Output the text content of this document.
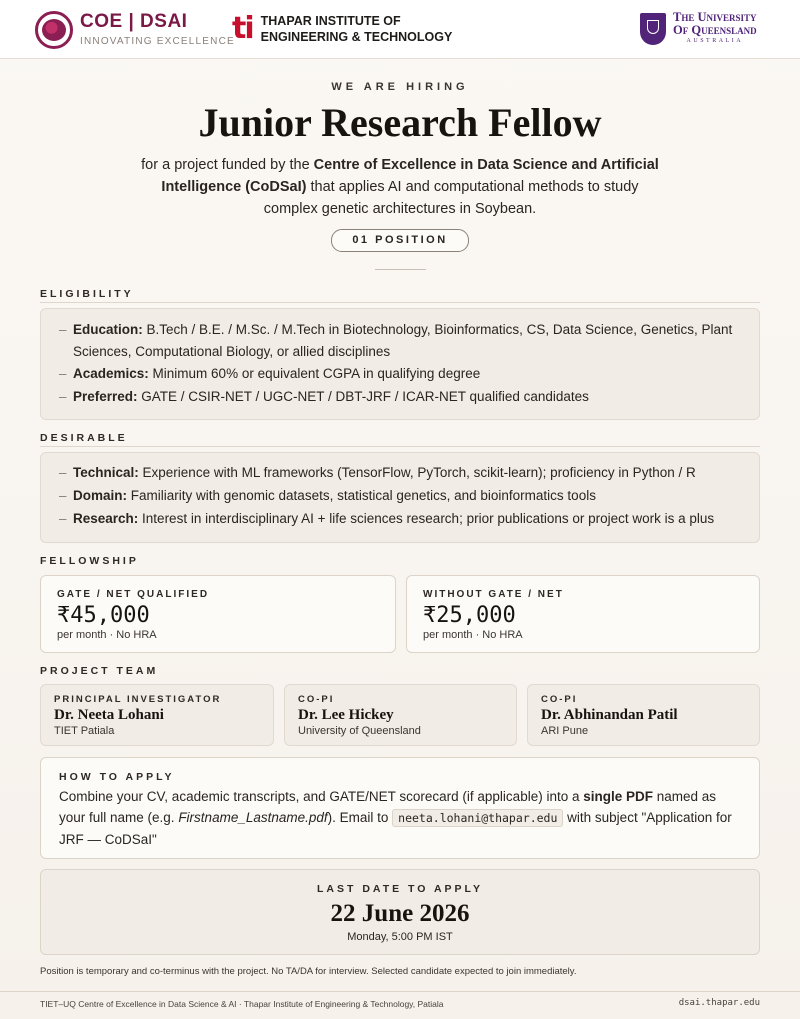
COE | DSAI
INNOVATING EXCELLENCE
ti THAPAR INSTITUTE OF
ENGINEERING & TECHNOLOGY
The University
Of Queensland
AUSTRALIA
WE ARE HIRING
Junior Research Fellow
for a project funded by the Centre of Excellence in Data Science and Artificial Intelligence (CoDSaI) that applies AI and computational methods to study complex genetic architectures in Soybean.
01 POSITION
ELIGIBILITY
– Education: B.Tech / B.E. / M.Sc. / M.Tech in Biotechnology, Bioinformatics, CS, Data Science, Genetics, Plant Sciences, Computational Biology, or allied disciplines
– Academics: Minimum 60% or equivalent CGPA in qualifying degree
– Preferred: GATE / CSIR-NET / UGC-NET / DBT-JRF / ICAR-NET qualified candidates
DESIRABLE
– Technical: Experience with ML frameworks (TensorFlow, PyTorch, scikit-learn); proficiency in Python / R
– Domain: Familiarity with genomic datasets, statistical genetics, and bioinformatics tools
– Research: Interest in interdisciplinary AI + life sciences research; prior publications or project work is a plus
FELLOWSHIP
GATE / NET QUALIFIED
₹45,000
per month · No HRA
WITHOUT GATE / NET
₹25,000
per month · No HRA
PROJECT TEAM
PRINCIPAL INVESTIGATOR
Dr. Neeta Lohani
TIET Patiala
CO-PI
Dr. Lee Hickey
University of Queensland
CO-PI
Dr. Abhinandan Patil
ARI Pune
HOW TO APPLY
Combine your CV, academic transcripts, and GATE/NET scorecard (if applicable) into a single PDF named as your full name (e.g. Firstname_Lastname.pdf). Email to neeta.lohani@thapar.edu with subject "Application for JRF — CoDSaI"
LAST DATE TO APPLY
22 June 2026
Monday, 5:00 PM IST
Position is temporary and co-terminus with the project. No TA/DA for interview. Selected candidate expected to join immediately.
TIET–UQ Centre of Excellence in Data Science & AI · Thapar Institute of Engineering & Technology, Patiala	dsai.thapar.edu
